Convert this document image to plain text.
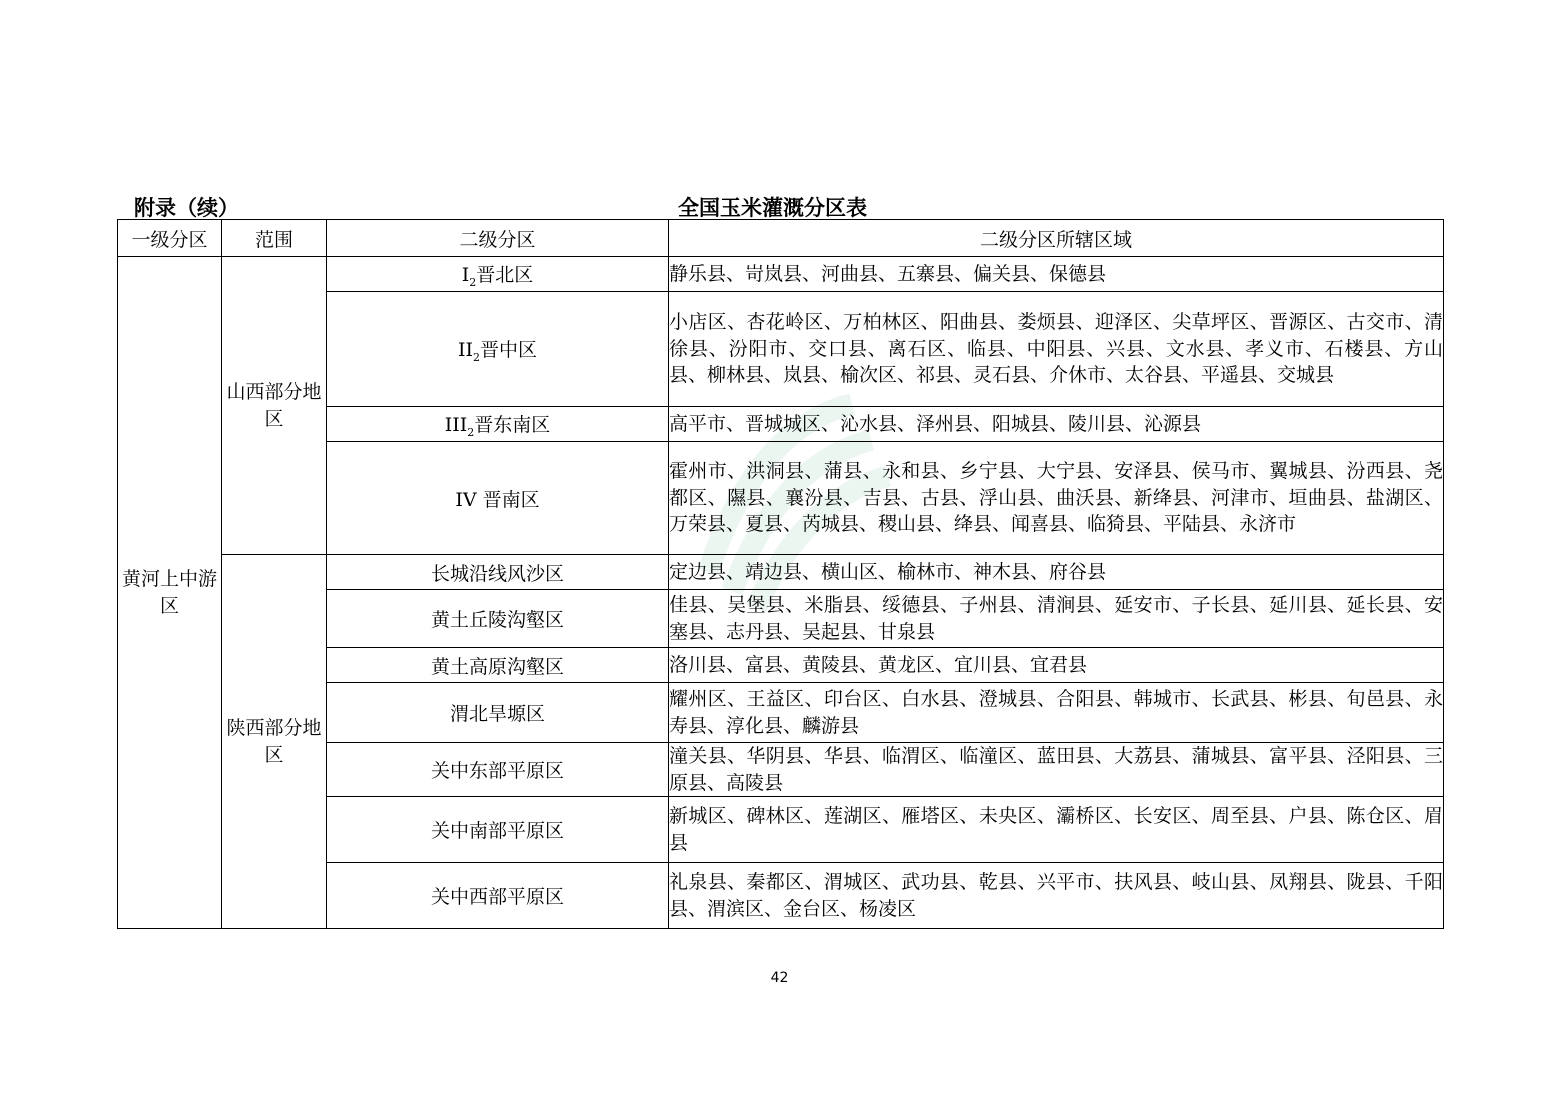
附录（续）	全国玉米灌溉分区表
一级分区	范围	二级分区	二级分区所辖区域
黄河上中游区	山西部分地区	$I_2$晋北区	静乐县、岢岚县、河曲县、五寨县、偏关县、保德县
		$II_2$晋中区	小店区、杏花岭区、万柏林区、阳曲县、娄烦县、迎泽区、尖草坪区、晋源区、古交市、清徐县、汾阳市、交口县、离石区、临县、中阳县、兴县、文水县、孝义市、石楼县、方山县、柳林县、岚县、榆次区、祁县、灵石县、介休市、太谷县、平遥县、交城县
		$III_2$晋东南区	高平市、晋城城区、沁水县、泽州县、阳城县、陵川县、沁源县
		IV 晋南区	霍州市、洪洞县、蒲县、永和县、乡宁县、大宁县、安泽县、侯马市、翼城县、汾西县、尧都区、隰县、襄汾县、吉县、古县、浮山县、曲沃县、新绛县、河津市、垣曲县、盐湖区、万荣县、夏县、芮城县、稷山县、绛县、闻喜县、临猗县、平陆县、永济市
	陕西部分地区	长城沿线风沙区	定边县、靖边县、横山区、榆林市、神木县、府谷县
		黄土丘陵沟壑区	佳县、吴堡县、米脂县、绥德县、子州县、清涧县、延安市、子长县、延川县、延长县、安塞县、志丹县、吴起县、甘泉县
		黄土高原沟壑区	洛川县、富县、黄陵县、黄龙区、宜川县、宜君县
		渭北旱塬区	耀州区、王益区、印台区、白水县、澄城县、合阳县、韩城市、长武县、彬县、旬邑县、永寿县、淳化县、麟游县
		关中东部平原区	潼关县、华阴县、华县、临渭区、临潼区、蓝田县、大荔县、蒲城县、富平县、泾阳县、三原县、高陵县
		关中南部平原区	新城区、碑林区、莲湖区、雁塔区、未央区、灞桥区、长安区、周至县、户县、陈仓区、眉县
		关中西部平原区	礼泉县、秦都区、渭城区、武功县、乾县、兴平市、扶风县、岐山县、凤翔县、陇县、千阳县、渭滨区、金台区、杨凌区
42
